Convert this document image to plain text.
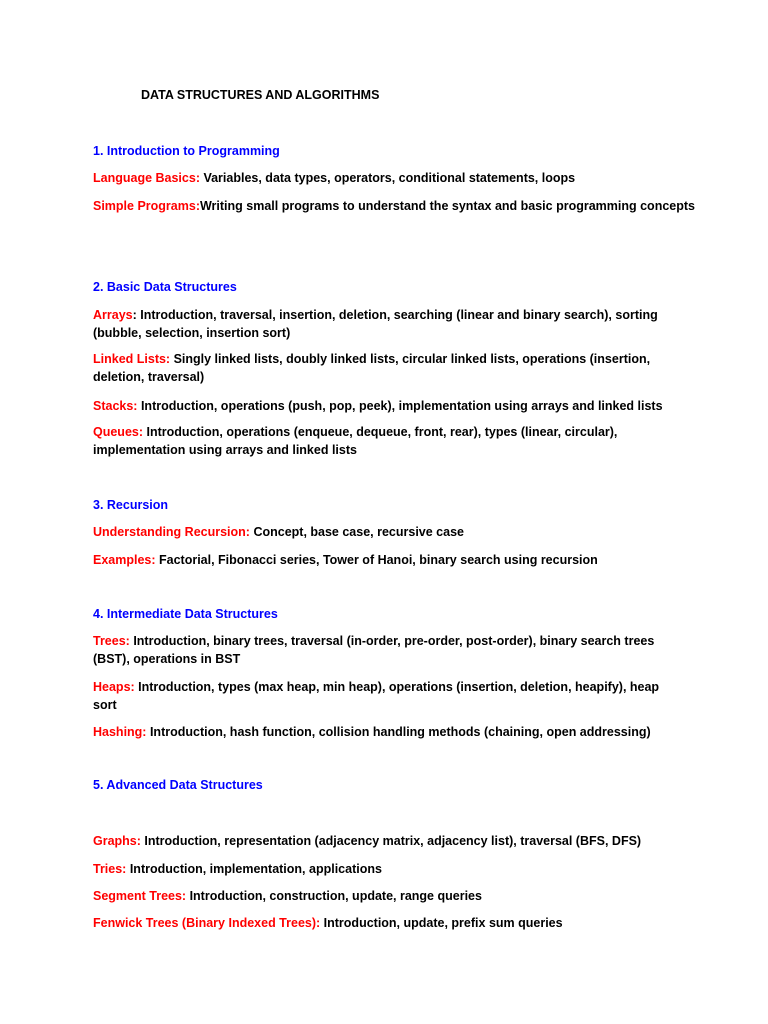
DATA STRUCTURES AND ALGORITHMS
1. Introduction to Programming
Language Basics: Variables, data types, operators, conditional statements, loops
Simple Programs:Writing small programs to understand the syntax and basic programming concepts
2. Basic Data Structures
Arrays: Introduction, traversal, insertion, deletion, searching (linear and binary search), sorting (bubble, selection, insertion sort)
Linked Lists: Singly linked lists, doubly linked lists, circular linked lists, operations (insertion, deletion, traversal)
Stacks: Introduction, operations (push, pop, peek), implementation using arrays and linked lists
Queues: Introduction, operations (enqueue, dequeue, front, rear), types (linear, circular), implementation using arrays and linked lists
3. Recursion
Understanding Recursion: Concept, base case, recursive case
Examples: Factorial, Fibonacci series, Tower of Hanoi, binary search using recursion
4. Intermediate Data Structures
Trees: Introduction, binary trees, traversal (in-order, pre-order, post-order), binary search trees (BST), operations in BST
Heaps: Introduction, types (max heap, min heap), operations (insertion, deletion, heapify), heap sort
Hashing: Introduction, hash function, collision handling methods (chaining, open addressing)
5. Advanced Data Structures
Graphs: Introduction, representation (adjacency matrix, adjacency list), traversal (BFS, DFS)
Tries: Introduction, implementation, applications
Segment Trees: Introduction, construction, update, range queries
Fenwick Trees (Binary Indexed Trees): Introduction, update, prefix sum queries
